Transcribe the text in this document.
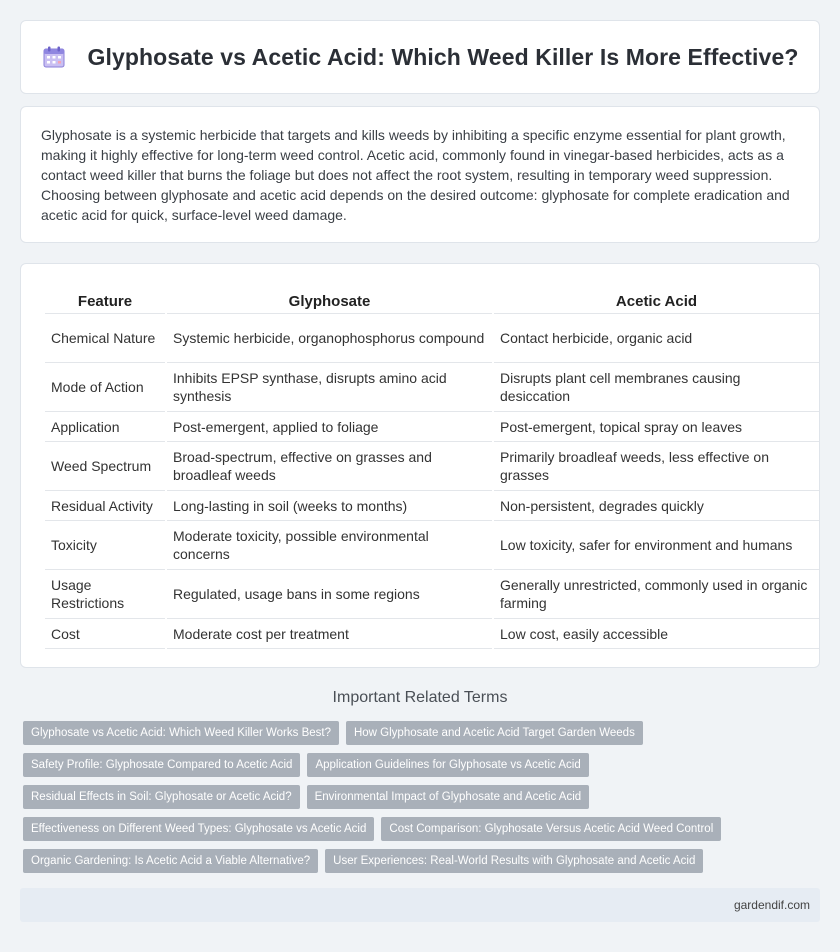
Glyphosate vs Acetic Acid: Which Weed Killer Is More Effective?

Glyphosate is a systemic herbicide that targets and kills weeds by inhibiting a specific enzyme essential for plant growth, making it highly effective for long-term weed control. Acetic acid, commonly found in vinegar-based herbicides, acts as a contact weed killer that burns the foliage but does not affect the root system, resulting in temporary weed suppression. Choosing between glyphosate and acetic acid depends on the desired outcome: glyphosate for complete eradication and acetic acid for quick, surface-level weed damage.

Feature	Glyphosate	Acetic Acid
Chemical Nature	Systemic herbicide, organophosphorus compound	Contact herbicide, organic acid
Mode of Action	Inhibits EPSP synthase, disrupts amino acid synthesis	Disrupts plant cell membranes causing desiccation
Application	Post-emergent, applied to foliage	Post-emergent, topical spray on leaves
Weed Spectrum	Broad-spectrum, effective on grasses and broadleaf weeds	Primarily broadleaf weeds, less effective on grasses
Residual Activity	Long-lasting in soil (weeks to months)	Non-persistent, degrades quickly
Toxicity	Moderate toxicity, possible environmental concerns	Low toxicity, safer for environment and humans
Usage Restrictions	Regulated, usage bans in some regions	Generally unrestricted, commonly used in organic farming
Cost	Moderate cost per treatment	Low cost, easily accessible
Important Related Terms
Glyphosate vs Acetic Acid: Which Weed Killer Works Best?	How Glyphosate and Acetic Acid Target Garden Weeds
Safety Profile: Glyphosate Compared to Acetic Acid	Application Guidelines for Glyphosate vs Acetic Acid
Residual Effects in Soil: Glyphosate or Acetic Acid?	Environmental Impact of Glyphosate and Acetic Acid
Effectiveness on Different Weed Types: Glyphosate vs Acetic Acid	Cost Comparison: Glyphosate Versus Acetic Acid Weed Control
Organic Gardening: Is Acetic Acid a Viable Alternative?	User Experiences: Real-World Results with Glyphosate and Acetic Acid
gardendif.com
